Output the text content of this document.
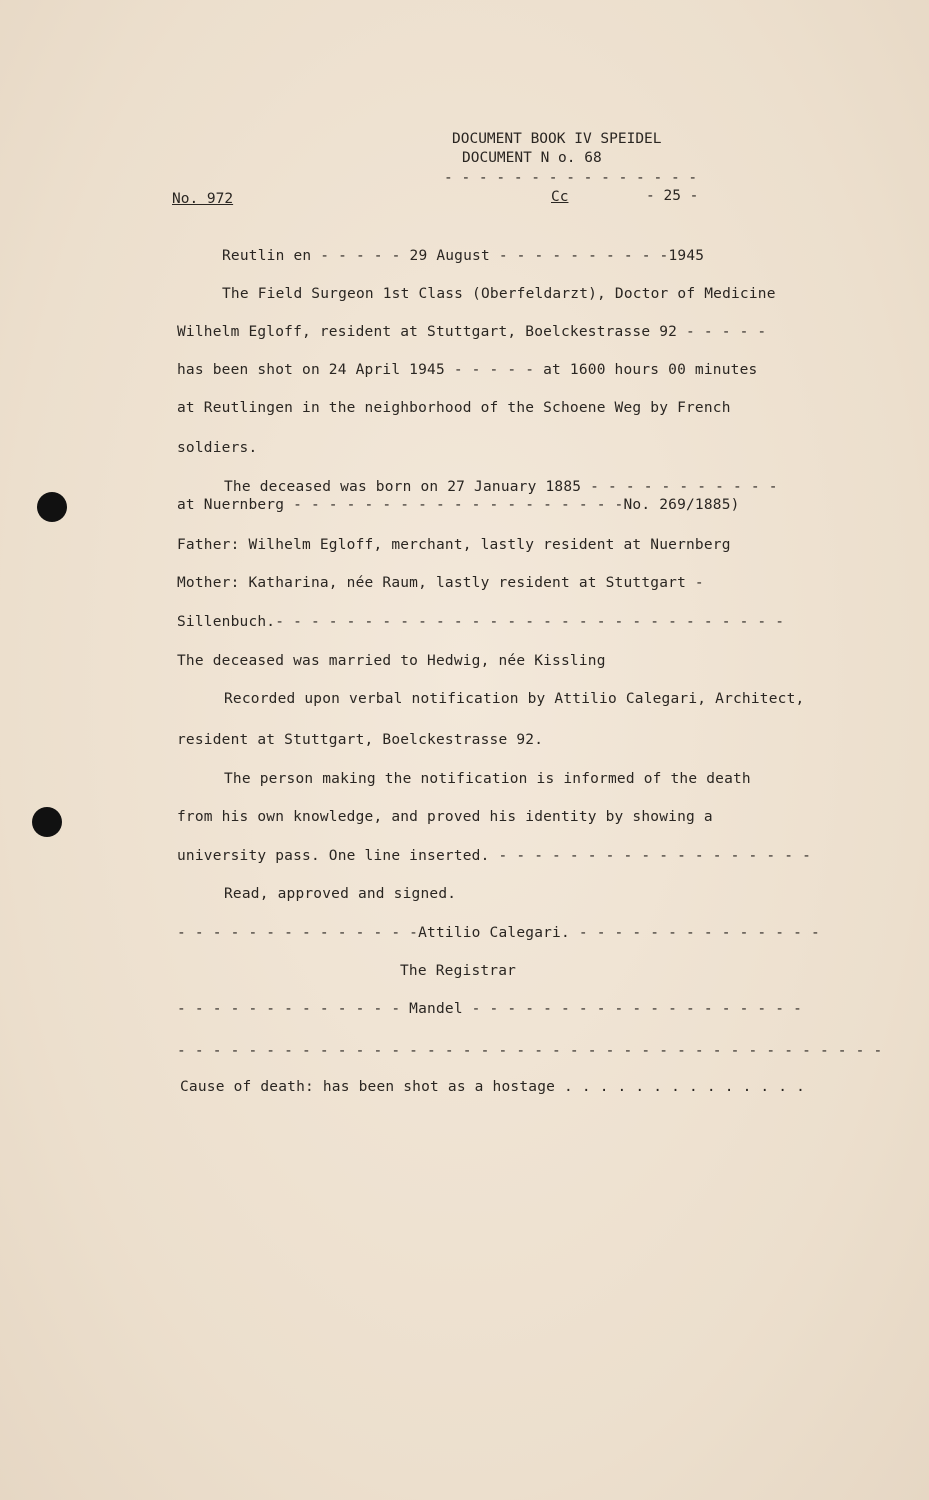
DOCUMENT BOOK IV SPEIDEL
DOCUMENT N o. 68
- - - - - - - - - - - - - - -
No. 972	Cc	- 25 -
Reutlin en - - - - - 29 August - - - - - - - - - -1945
The Field Surgeon 1st Class (Oberfeldarzt), Doctor of Medicine
Wilhelm Egloff, resident at Stuttgart, Boelckestrasse 92 - - - - -
has been shot on 24 April 1945 - - - - - at 1600 hours 00 minutes
at Reutlingen in the neighborhood of the Schoene Weg by French
soldiers.
The deceased was born on 27 January 1885 - - - - - - - - - - -
at Nuernberg - - - - - - - - - - - - - - - - - - -No. 269/1885)
Father: Wilhelm Egloff, merchant, lastly resident at Nuernberg
Mother: Katharina, née Raum, lastly resident at Stuttgart -
Sillenbuch.- - - - - - - - - - - - - - - - - - - - - - - - - - - - -
The deceased was married to Hedwig, née Kissling
Recorded upon verbal notification by Attilio Calegari, Architect,
resident at Stuttgart, Boelckestrasse 92.
The person making the notification is informed of the death
from his own knowledge, and proved his identity by showing a
university pass. One line inserted. - - - - - - - - - - - - - - - - - -
Read, approved and signed.
- - - - - - - - - - - - - -Attilio Calegari. - - - - - - - - - - - - - -
The Registrar
- - - - - - - - - - - - - Mandel - - - - - - - - - - - - - - - - - - -
- - - - - - - - - - - - - - - - - - - - - - - - - - - - - - - - - - - - - - - -
Cause of death: has been shot as a hostage . . . . . . . . . . . . . .
